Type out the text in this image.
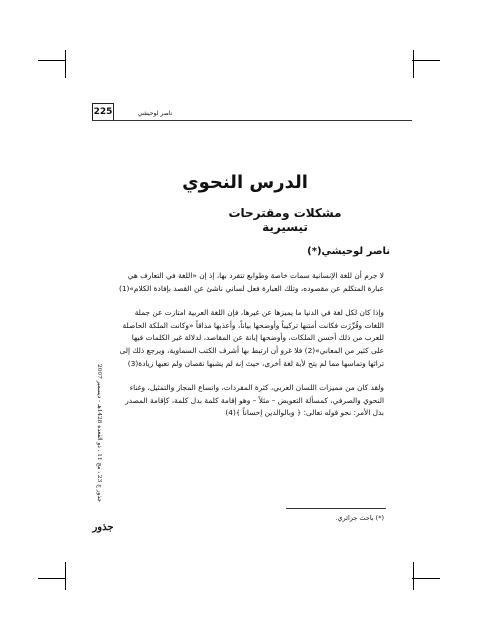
225	ناصر لوحيشي
الدرس النحوي
مشكلات ومقترحات تيسيرية
ناصر لوحيشي(*)

لا جرم أن للغة الإنسانية سمات خاصة وطوابع تتفرد بها، إذ إن «اللغة في التعارف هي عبارة المتكلم عن مقصوده، وتلك العبارة فعل لساني ناشئ عن القصد بإفادة الكلام»(1)

وإذا كان لكل لغة في الدنيا ما يميزها عن غيرها، فإن اللغة العربية امتازت عن جملة اللغات وقُرِّرَت فكانت أمتنها تركيباً وأوضحها بياناً، وأعذبها مذاقاً «وكانت الملكة الحاصلة للعرب من ذلك أحسن الملكات، وأوضحها إبانة عن المقاصد، لدلالة غير الكلمات فيها على كثير من المعاني»(2) فلا غرو أن ارتبط بها أشرف الكتب السماوية، ويرجع ذلك إلى تراثها وتماسها مما لم يتح لأية لغة أخرى، حيث إنه لم يشبها نقصان ولم تعبها زيادة(3)

ولقد كان من مميزات اللسان العربي، كثرة المفردات، واتساع المجاز والتمثيل، وغناء النحوي والصرفي، كمسألة التعويض – مثلاً – وهو إقامة كلمة بدل كلمة، كإقامة المصدر بدل الأمر: نحو قوله تعالى: ﴿ وبالوالدين إحساناً ﴾(4)

جذور ج 23 ، مج 11 ، ذو القعدة 1428هـ - ديسمبر 2007
جذور
(*) باحث جزائري.
